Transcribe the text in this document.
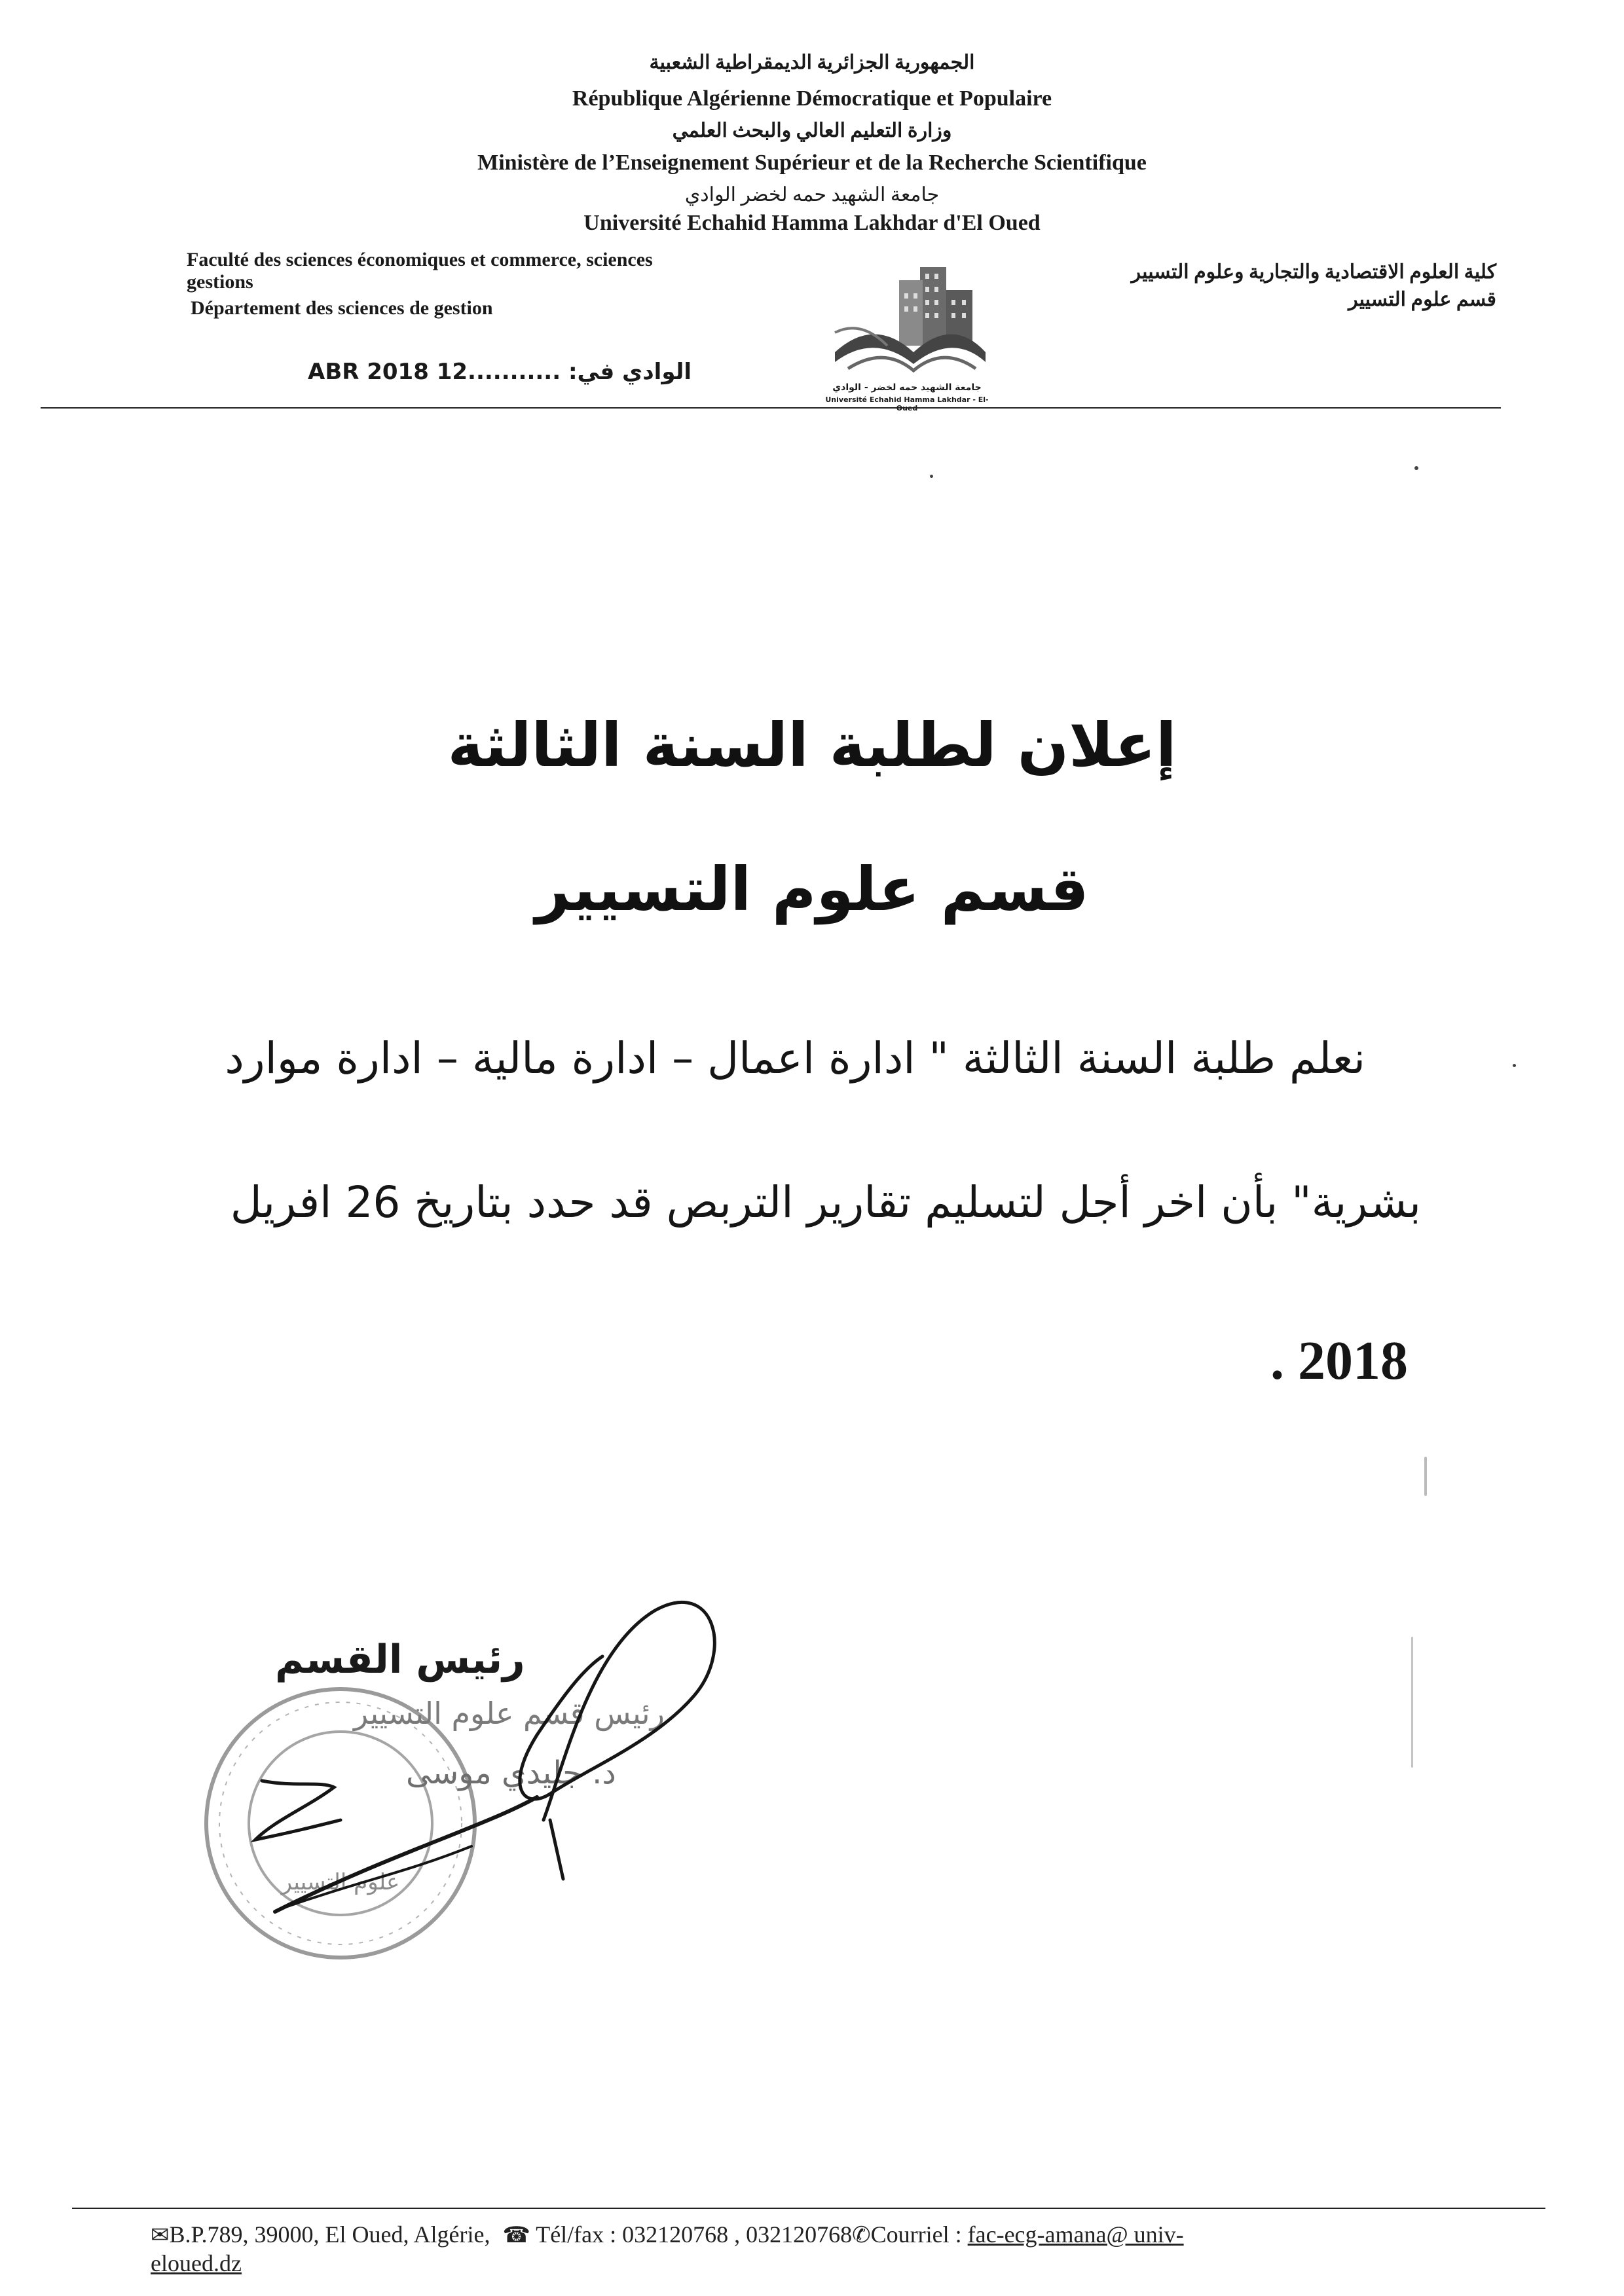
الجمهورية الجزائرية الديمقراطية الشعبية
République Algérienne Démocratique et Populaire
وزارة التعليم العالي والبحث العلمي
Ministère de l’Enseignement Supérieur et de la Recherche Scientifique
جامعة الشهيد حمه لخضر الوادي
Université Echahid Hamma Lakhdar d'El Oued
Faculté des sciences économiques et commerce, sciences
gestions
Département des sciences de gestion
كلية العلوم الاقتصادية والتجارية وعلوم التسيير
قسم علوم التسيير
جامعة الشهيد حمه لخضر - الوادي
Université Echahid Hamma Lakhdar - El-
الوادي في: ...........12 ABR 2018
إعلان لطلبة السنة الثالثة
قسم علوم التسيير
نعلم طلبة السنة الثالثة " ادارة اعمال – ادارة مالية – ادارة موارد
بشرية" بأن اخر أجل لتسليم تقارير التربص قد حدد بتاريخ 26 افريل
2018 .
رئيس القسم
علوم التسيير
رئيس قسم علوم التسيير
د. جليدي موسى
✉B.P.789, 39000, El Oued, Algérie, ☎ Tél/fax : 032120768 , 032120768✆Courriel : fac-ecg-amana@ univ-
eloued.dz
